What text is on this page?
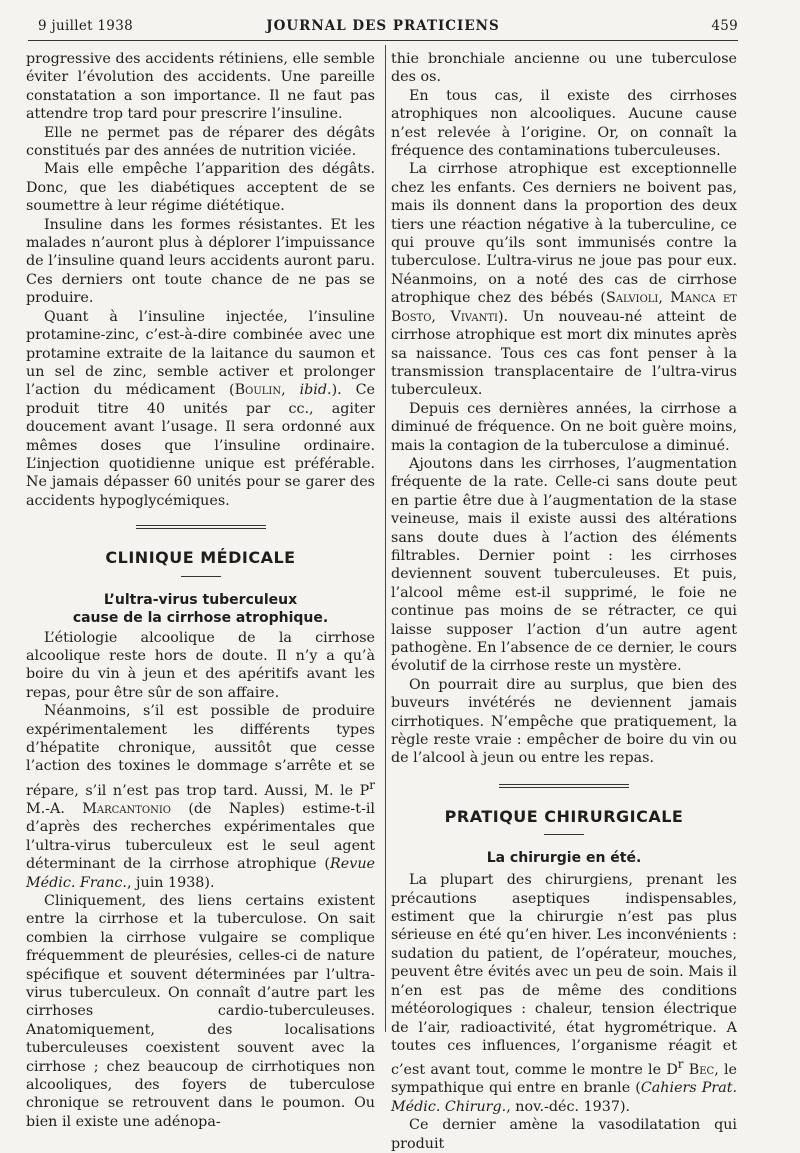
9 juillet 1938	JOURNAL DES PRATICIENS	459

progressive des accidents rétiniens, elle semble éviter l’évolution des accidents. Une pareille constatation a son importance. Il ne faut pas attendre trop tard pour prescrire l’insuline.

Elle ne permet pas de réparer des dégâts constitués par des années de nutrition viciée.

Mais elle empêche l’apparition des dégâts. Donc, que les diabétiques acceptent de se soumettre à leur régime diététique.

Insuline dans les formes résistantes. Et les malades n’auront plus à déplorer l’impuissance de l’insuline quand leurs accidents auront paru. Ces derniers ont toute chance de ne pas se produire.

Quant à l’insuline injectée, l’insuline protamine-zinc, c’est-à-dire combinée avec une protamine extraite de la laitance du saumon et un sel de zinc, semble activer et prolonger l’action du médicament (Boulin, ibid.). Ce produit titre 40 unités par cc., agiter doucement avant l’usage. Il sera ordonné aux mêmes doses que l’insuline ordinaire. L’injection quotidienne unique est préférable. Ne jamais dépasser 60 unités pour se garer des accidents hypoglycémiques.

CLINIQUE MÉDICALE
L’ultra-virus tuberculeux
cause de la cirrhose atrophique.

L’étiologie alcoolique de la cirrhose alcoolique reste hors de doute. Il n’y a qu’à boire du vin à jeun et des apéritifs avant les repas, pour être sûr de son affaire.

Néanmoins, s’il est possible de produire expérimentalement les différents types d’hépatite chronique, aussitôt que cesse l’action des toxines le dommage s’arrête et se répare, s’il n’est pas trop tard. Aussi, M. le $P^r$ M.-A. Marcantonio (de Naples) estime-t-il d’après des recherches expérimentales que l’ultra-virus tuberculeux est le seul agent déterminant de la cirrhose atrophique (Revue Médic. Franc., juin 1938).

Cliniquement, des liens certains existent entre la cirrhose et la tuberculose. On sait combien la cirrhose vulgaire se complique fréquemment de pleurésies, celles-ci de nature spécifique et souvent déterminées par l’ultra-virus tuberculeux. On connaît d’autre part les cirrhoses cardio-tuberculeuses. Anatomiquement, des localisations tuberculeuses coexistent souvent avec la cirrhose ; chez beaucoup de cirrhotiques non alcooliques, des foyers de tuberculose chronique se retrouvent dans le poumon. Ou bien il existe une adénopa-

thie bronchiale ancienne ou une tuberculose des os.

En tous cas, il existe des cirrhoses atrophiques non alcooliques. Aucune cause n’est relevée à l’origine. Or, on connaît la fréquence des contaminations tuberculeuses.

La cirrhose atrophique est exceptionnelle chez les enfants. Ces derniers ne boivent pas, mais ils donnent dans la proportion des deux tiers une réaction négative à la tuberculine, ce qui prouve qu’ils sont immunisés contre la tuberculose. L’ultra-virus ne joue pas pour eux. Néanmoins, on a noté des cas de cirrhose atrophique chez des bébés (Salvioli, Manca et Bosto, Vivanti). Un nouveau-né atteint de cirrhose atrophique est mort dix minutes après sa naissance. Tous ces cas font penser à la transmission transplacentaire de l’ultra-virus tuberculeux.

Depuis ces dernières années, la cirrhose a diminué de fréquence. On ne boit guère moins, mais la contagion de la tuberculose a diminué.

Ajoutons dans les cirrhoses, l’augmentation fréquente de la rate. Celle-ci sans doute peut en partie être due à l’augmentation de la stase veineuse, mais il existe aussi des altérations sans doute dues à l’action des éléments filtrables. Dernier point : les cirrhoses deviennent souvent tuberculeuses. Et puis, l’alcool même est-il supprimé, le foie ne continue pas moins de se rétracter, ce qui laisse supposer l’action d’un autre agent pathogène. En l’absence de ce dernier, le cours évolutif de la cirrhose reste un mystère.

On pourrait dire au surplus, que bien des buveurs invétérés ne deviennent jamais cirrhotiques. N’empêche que pratiquement, la règle reste vraie : empêcher de boire du vin ou de l’alcool à jeun ou entre les repas.

PRATIQUE CHIRURGICALE
La chirurgie en été.

La plupart des chirurgiens, prenant les précautions aseptiques indispensables, estiment que la chirurgie n’est pas plus sérieuse en été qu’en hiver. Les inconvénients : sudation du patient, de l’opérateur, mouches, peuvent être évités avec un peu de soin. Mais il n’en est pas de même des conditions météorologiques : chaleur, tension électrique de l’air, radioactivité, état hygrométrique. A toutes ces influences, l’organisme réagit et c’est avant tout, comme le montre le $D^r$ Bec, le sympathique qui entre en branle (Cahiers Prat. Médic. Chirurg., nov.-déc. 1937).

Ce dernier amène la vasodilatation qui produit
